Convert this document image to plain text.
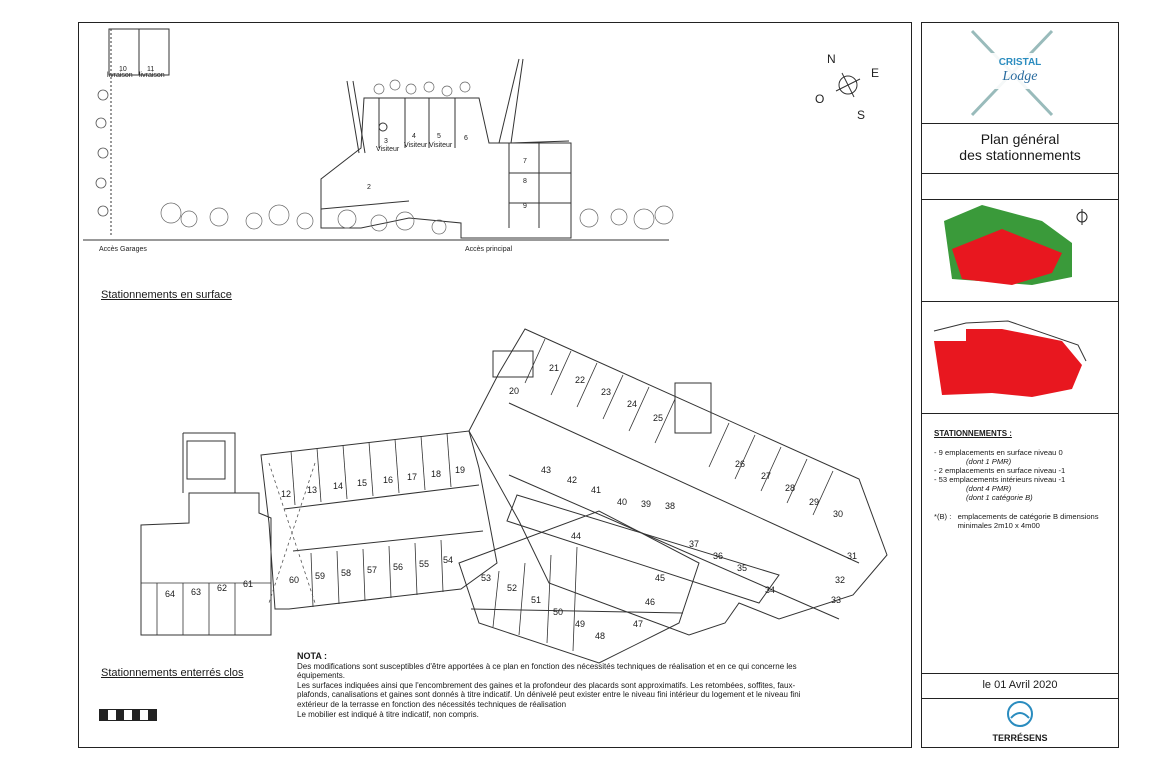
10	11
livraison livraison
3
4	5	6
Visiteur
Visiteur Visiteur
2
7
8
9
Accès Garages	Accès principal
N
E
O
S
21
22
23
24
25
26
27
28
29
30
31
32
12 13 14 15 16 17 18 19
20
60 59 58 57 56 55 54
43
42
41
40 39 38
37
36
35
34
53
52
51
50
49
48
47
46
45
44
33
64 63 62 61
Stationnements en surface
Stationnements enterrés clos
NOTA :
Des modifications sont susceptibles d'être apportées à ce plan en fonction des nécessités techniques de réalisation et en ce qui concerne les équipements.
Les surfaces indiquées ainsi que l'encombrement des gaines et la profondeur des placards sont approximatifs. Les retombées, soffites, faux-plafonds, canalisations et gaines sont donnés à titre indicatif. Un dénivelé peut exister entre le niveau fini intérieur du logement et le niveau fini extérieur de la terrasse en fonction des nécessités techniques de réalisation
Le mobilier est indiqué à titre indicatif, non compris.
CRISTAL
Lodge
Plan général
des stationnements
STATIONNEMENTS :
- 9 emplacements en surface niveau 0
(dont 1 PMR)
- 2 emplacements en surface niveau -1
- 53 emplacements intérieurs niveau -1
(dont 4 PMR)
(dont 1 catégorie B)
*(B) : emplacements de catégorie B dimensions minimales 2m10 x 4m00
le 01 Avril 2020
TERRÉSENS
